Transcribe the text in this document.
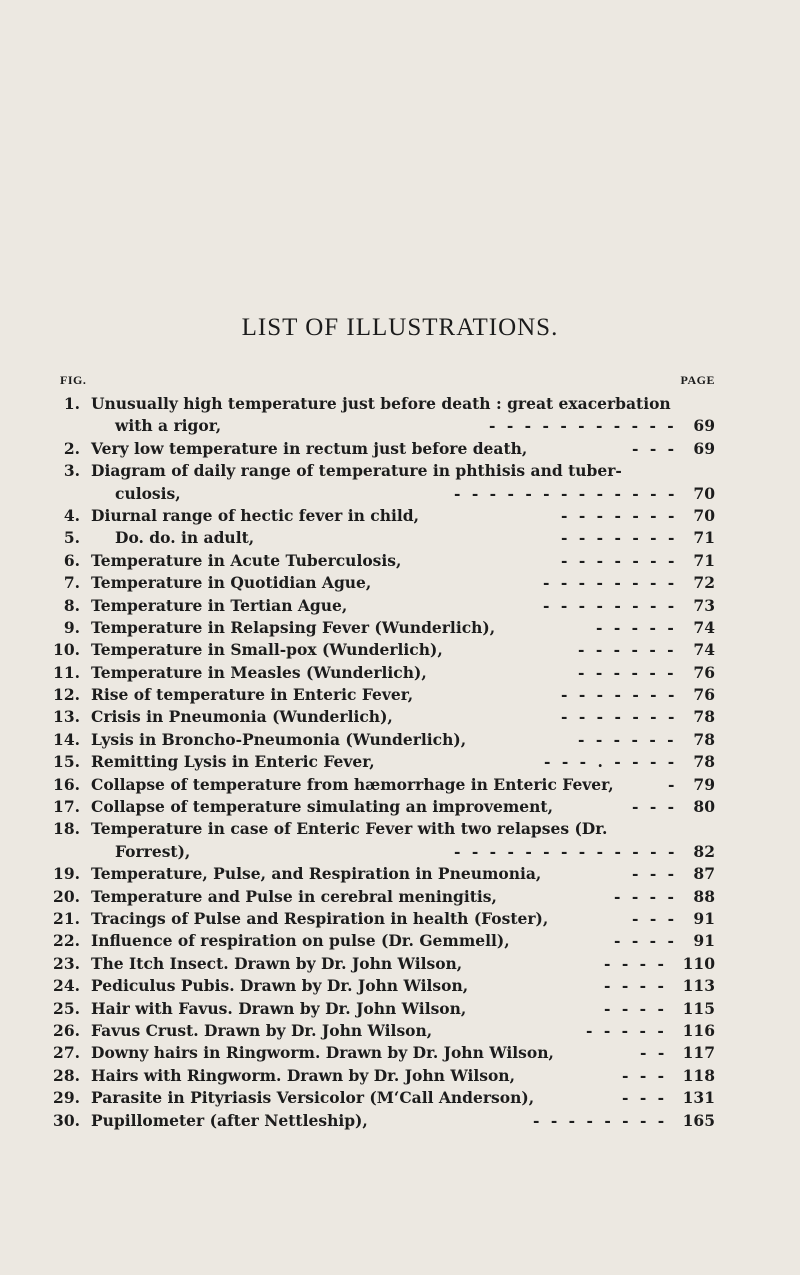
LIST OF ILLUSTRATIONS.
FIG.	PAGE
1. Unusually high temperature just before death : great exacerbation
with a rigor,	- - - - - - - - - - -	69
2. Very low temperature in rectum just before death,	- - -	69
3. Diagram of daily range of temperature in phthisis and tuber-
culosis,	- - - - - - - - - - - - -	70
4. Diurnal range of hectic fever in child,	- - - - - - -	70
5. Do. do. in adult,	- - - - - - -	71
6. Temperature in Acute Tuberculosis,	- - - - - - -	71
7. Temperature in Quotidian Ague,	- - - - - - - -	72
8. Temperature in Tertian Ague,	- - - - - - - -	73
9. Temperature in Relapsing Fever (Wunderlich),	- - - - -	74
10. Temperature in Small-pox (Wunderlich),	- - - - - -	74
11. Temperature in Measles (Wunderlich),	- - - - - -	76
12. Rise of temperature in Enteric Fever,	- - - - - - -	76
13. Crisis in Pneumonia (Wunderlich),	- - - - - - -	78
14. Lysis in Broncho-Pneumonia (Wunderlich),	- - - - - -	78
15. Remitting Lysis in Enteric Fever,	- - - . - - - -	78
16. Collapse of temperature from hæmorrhage in Enteric Fever,	-	79
17. Collapse of temperature simulating an improvement,	- - -	80
18. Temperature in case of Enteric Fever with two relapses (Dr.
Forrest),	- - - - - - - - - - - - -	82
19. Temperature, Pulse, and Respiration in Pneumonia,	- - -	87
20. Temperature and Pulse in cerebral meningitis,	- - - -	88
21. Tracings of Pulse and Respiration in health (Foster),	- - -	91
22. Influence of respiration on pulse (Dr. Gemmell),	- - - -	91
23. The Itch Insect. Drawn by Dr. John Wilson,	- - - -	110
24. Pediculus Pubis. Drawn by Dr. John Wilson,	- - - -	113
25. Hair with Favus. Drawn by Dr. John Wilson,	- - - -	115
26. Favus Crust. Drawn by Dr. John Wilson,	- - - - -	116
27. Downy hairs in Ringworm. Drawn by Dr. John Wilson,	- - 117
28. Hairs with Ringworm. Drawn by Dr. John Wilson,	- - -	118
29. Parasite in Pityriasis Versicolor (M‘Call Anderson),	- - -	131
30. Pupillometer (after Nettleship),	- - - - - - - - 165
